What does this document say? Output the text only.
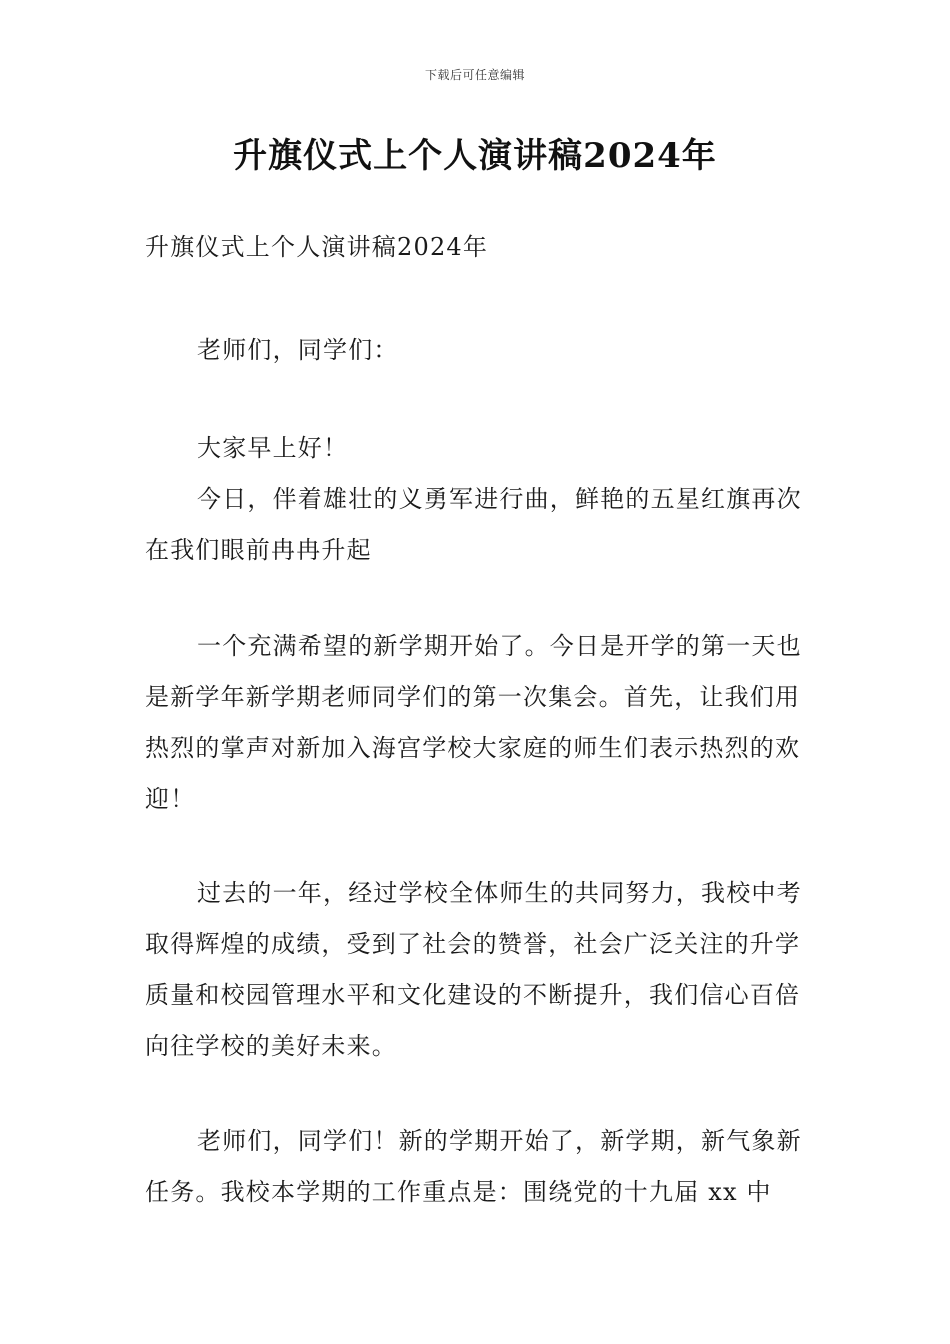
下载后可任意编辑
升旗仪式上个人演讲稿2024年
升旗仪式上个人演讲稿2024年
老师们，同学们：
大家早上好！
今日，伴着雄壮的义勇军进行曲，鲜艳的五星红旗再次在我们眼前冉冉升起
一个充满希望的新学期开始了。今日是开学的第一天也是新学年新学期老师同学们的第一次集会。首先，让我们用热烈的掌声对新加入海宫学校大家庭的师生们表示热烈的欢迎！
过去的一年，经过学校全体师生的共同努力，我校中考取得辉煌的成绩，受到了社会的赞誉，社会广泛关注的升学质量和校园管理水平和文化建设的不断提升，我们信心百倍向往学校的美好未来。
老师们，同学们！新的学期开始了，新学期，新气象新任务。我校本学期的工作重点是：围绕党的十九届 xx 中
